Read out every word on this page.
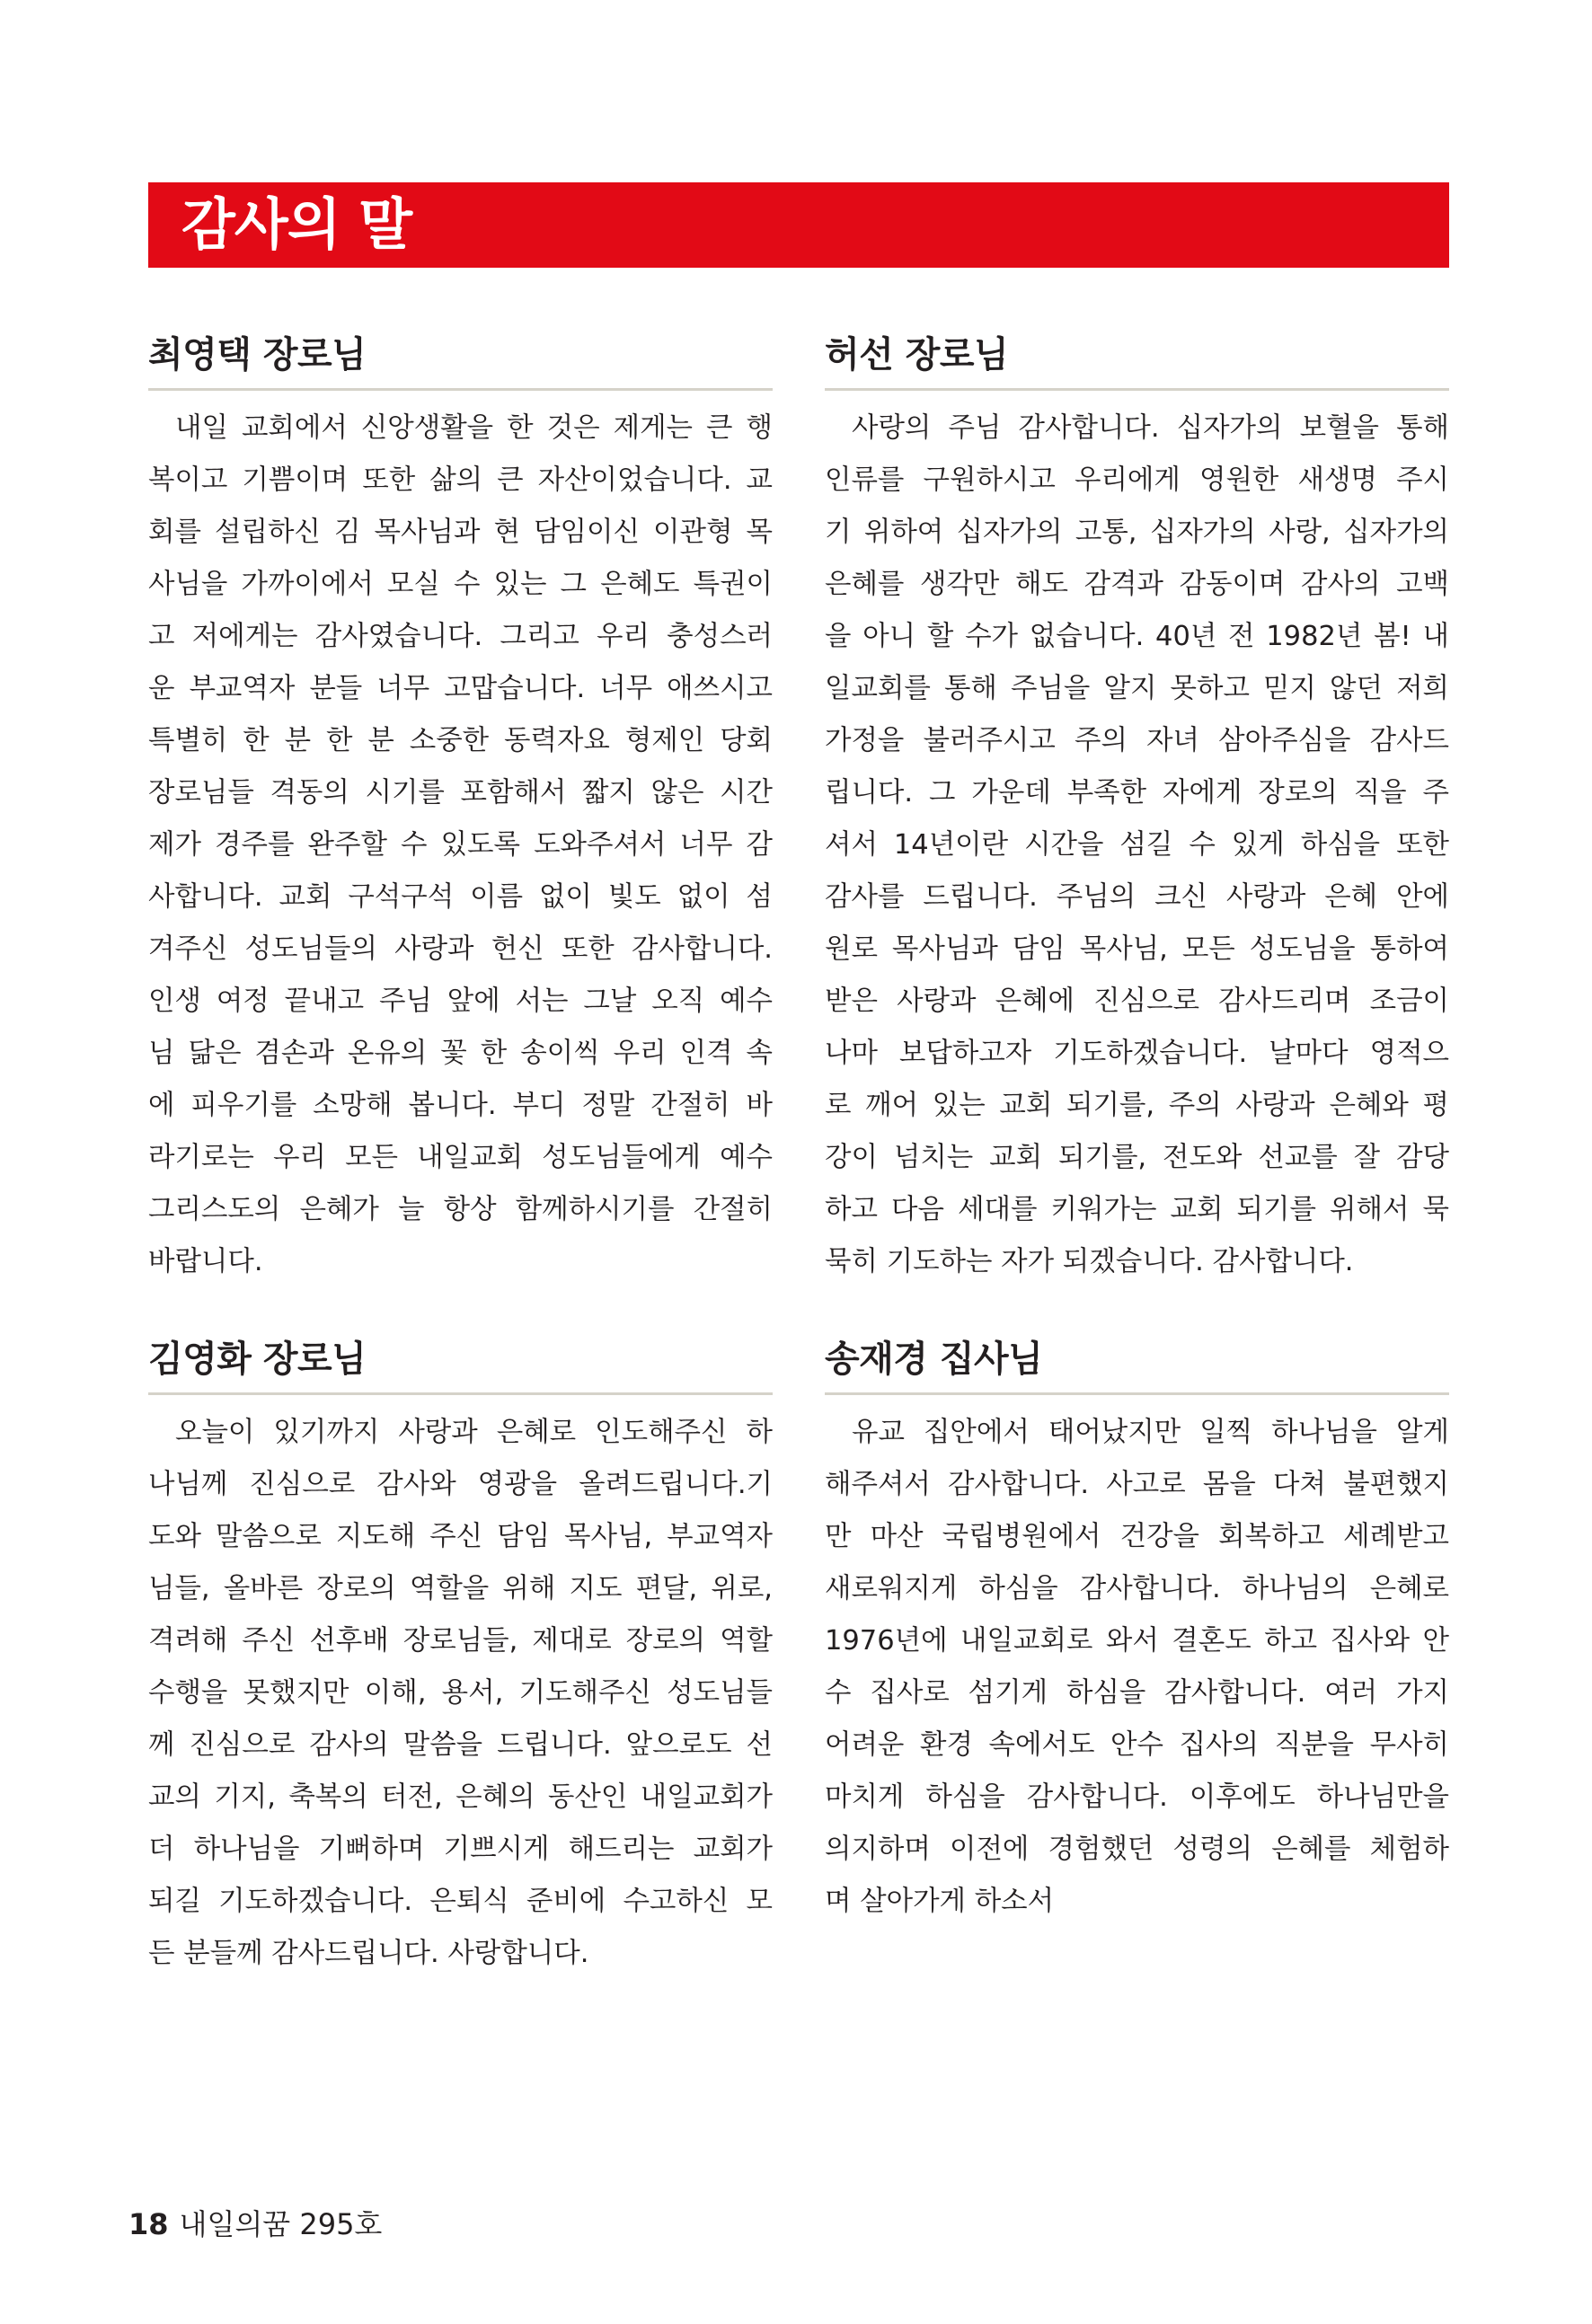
감사의 말
최영택 장로님
내일 교회에서 신앙생활을 한 것은 제게는 큰 행
복이고 기쁨이며 또한 삶의 큰 자산이었습니다. 교
회를 설립하신 김 목사님과 현 담임이신 이관형 목
사님을 가까이에서 모실 수 있는 그 은혜도 특권이
고 저에게는 감사였습니다. 그리고 우리 충성스러
운 부교역자 분들 너무 고맙습니다. 너무 애쓰시고
특별히 한 분 한 분 소중한 동력자요 형제인 당회
장로님들 격동의 시기를 포함해서 짧지 않은 시간
제가 경주를 완주할 수 있도록 도와주셔서 너무 감
사합니다. 교회 구석구석 이름 없이 빛도 없이 섬
겨주신 성도님들의 사랑과 헌신 또한 감사합니다.
인생 여정 끝내고 주님 앞에 서는 그날 오직 예수
님 닮은 겸손과 온유의 꽃 한 송이씩 우리 인격 속
에 피우기를 소망해 봅니다. 부디 정말 간절히 바
라기로는 우리 모든 내일교회 성도님들에게 예수
그리스도의 은혜가 늘 항상 함께하시기를 간절히
바랍니다.
허선 장로님
사랑의 주님 감사합니다. 십자가의 보혈을 통해
인류를 구원하시고 우리에게 영원한 새생명 주시
기 위하여 십자가의 고통, 십자가의 사랑, 십자가의
은혜를 생각만 해도 감격과 감동이며 감사의 고백
을 아니 할 수가 없습니다. 40년 전 1982년 봄! 내
일교회를 통해 주님을 알지 못하고 믿지 않던 저희
가정을 불러주시고 주의 자녀 삼아주심을 감사드
립니다. 그 가운데 부족한 자에게 장로의 직을 주
셔서 14년이란 시간을 섬길 수 있게 하심을 또한
감사를 드립니다. 주님의 크신 사랑과 은혜 안에
원로 목사님과 담임 목사님, 모든 성도님을 통하여
받은 사랑과 은혜에 진심으로 감사드리며 조금이
나마 보답하고자 기도하겠습니다. 날마다 영적으
로 깨어 있는 교회 되기를, 주의 사랑과 은혜와 평
강이 넘치는 교회 되기를, 전도와 선교를 잘 감당
하고 다음 세대를 키워가는 교회 되기를 위해서 묵
묵히 기도하는 자가 되겠습니다. 감사합니다.
김영화 장로님
오늘이 있기까지 사랑과 은혜로 인도해주신 하
나님께 진심으로 감사와 영광을 올려드립니다.기
도와 말씀으로 지도해 주신 담임 목사님, 부교역자
님들, 올바른 장로의 역할을 위해 지도 편달, 위로,
격려해 주신 선후배 장로님들, 제대로 장로의 역할
수행을 못했지만 이해, 용서, 기도해주신 성도님들
께 진심으로 감사의 말씀을 드립니다. 앞으로도 선
교의 기지, 축복의 터전, 은혜의 동산인 내일교회가
더 하나님을 기뻐하며 기쁘시게 해드리는 교회가
되길 기도하겠습니다. 은퇴식 준비에 수고하신 모
든 분들께 감사드립니다. 사랑합니다.
송재경 집사님
유교 집안에서 태어났지만 일찍 하나님을 알게
해주셔서 감사합니다. 사고로 몸을 다쳐 불편했지
만 마산 국립병원에서 건강을 회복하고 세례받고
새로워지게 하심을 감사합니다. 하나님의 은혜로
1976년에 내일교회로 와서 결혼도 하고 집사와 안
수 집사로 섬기게 하심을 감사합니다. 여러 가지
어려운 환경 속에서도 안수 집사의 직분을 무사히
마치게 하심을 감사합니다. 이후에도 하나님만을
의지하며 이전에 경험했던 성령의 은혜를 체험하
며 살아가게 하소서
18 내일의꿈 295호
